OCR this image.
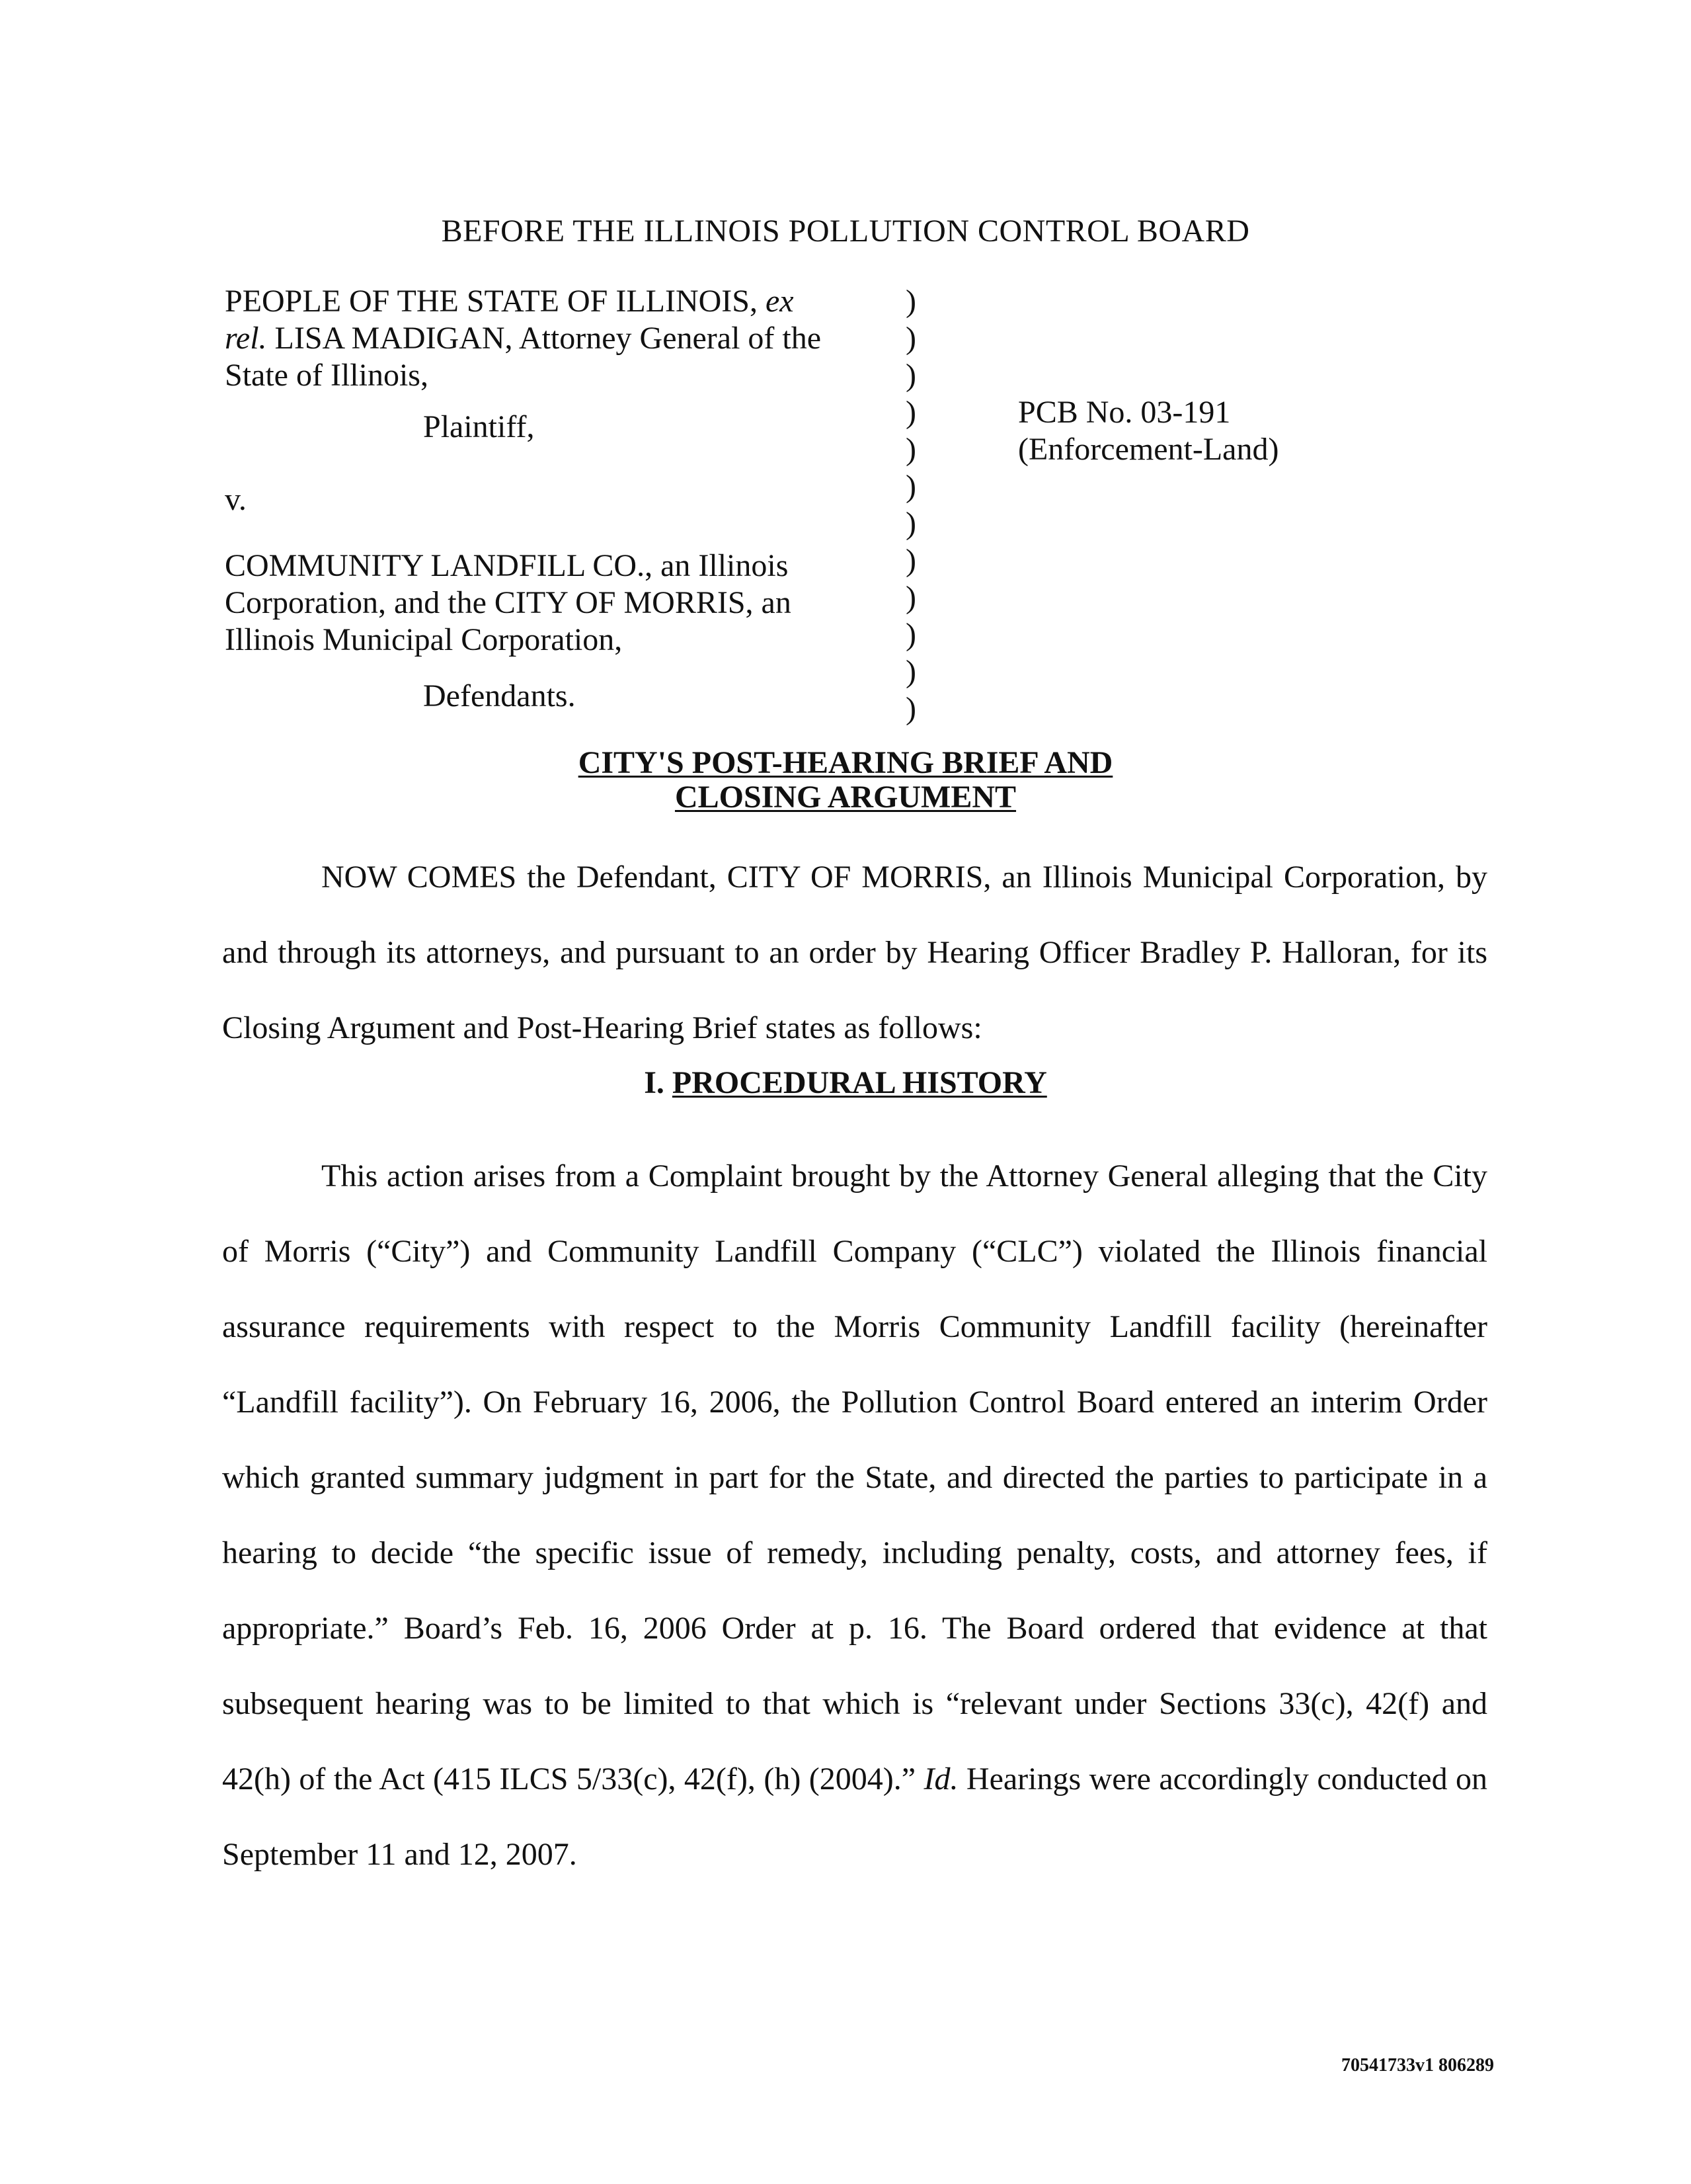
BEFORE THE ILLINOIS POLLUTION CONTROL BOARD
PEOPLE OF THE STATE OF ILLINOIS, ex
rel. LISA MADIGAN, Attorney General of the
State of Illinois,
Plaintiff,
v.
COMMUNITY LANDFILL CO., an Illinois
Corporation, and the CITY OF MORRIS, an
Illinois Municipal Corporation,
Defendants.
)
)
)
)
)
)
)
)
)
)
)
)
PCB No. 03-191
(Enforcement-Land)
CITY'S POST-HEARING BRIEF AND
CLOSING ARGUMENT
NOW COMES the Defendant, CITY OF MORRIS, an Illinois Municipal Corporation, by and through its attorneys, and pursuant to an order by Hearing Officer Bradley P. Halloran, for its Closing Argument and Post-Hearing Brief states as follows:
I. PROCEDURAL HISTORY
This action arises from a Complaint brought by the Attorney General alleging that the City of Morris (“City”) and Community Landfill Company (“CLC”) violated the Illinois financial assurance requirements with respect to the Morris Community Landfill facility (hereinafter “Landfill facility”). On February 16, 2006, the Pollution Control Board entered an interim Order which granted summary judgment in part for the State, and directed the parties to participate in a hearing to decide “the specific issue of remedy, including penalty, costs, and attorney fees, if appropriate.” Board’s Feb. 16, 2006 Order at p. 16. The Board ordered that evidence at that subsequent hearing was to be limited to that which is “relevant under Sections 33(c), 42(f) and 42(h) of the Act (415 ILCS 5/33(c), 42(f), (h) (2004).” Id. Hearings were accordingly conducted on September 11 and 12, 2007.
70541733v1 806289
